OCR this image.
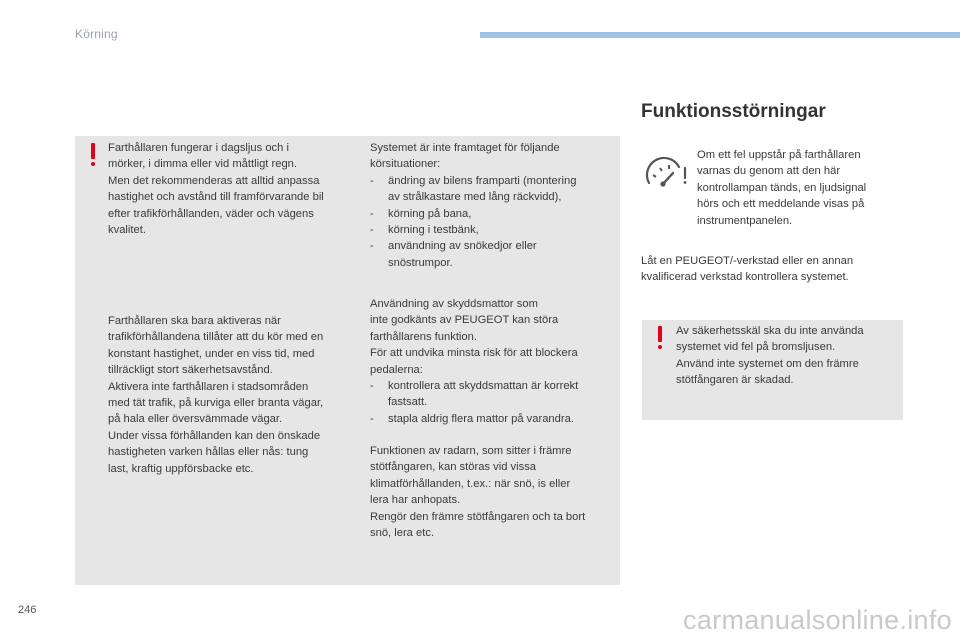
Körning

Farthållaren fungerar i dagsljus och i

mörker, i dimma eller vid måttligt regn.

Men det rekommenderas att alltid anpassa

hastighet och avstånd till framförvarande bil

efter trafikförhållanden, väder och vägens

kvalitet.

Farthållaren ska bara aktiveras när

trafikförhållandena tillåter att du kör med en

konstant hastighet, under en viss tid, med

tillräckligt stort säkerhetsavstånd.

Aktivera inte farthållaren i stadsområden

med tät trafik, på kurviga eller branta vägar,

på hala eller översvämmade vägar.

Under vissa förhållanden kan den önskade

hastigheten varken hållas eller nås: tung

last, kraftig uppförsbacke etc.

Systemet är inte framtaget för följande

körsituationer:

- ändring av bilens framparti (montering
av strålkastare med lång räckvidd),
- körning på bana,
- körning i testbänk,
- användning av snökedjor eller
snöstrumpor.

Användning av skyddsmattor som

inte godkänts av PEUGEOT kan störa

farthållarens funktion.

För att undvika minsta risk för att blockera

pedalerna:

- kontrollera att skyddsmattan är korrekt
fastsatt.
- stapla aldrig flera mattor på varandra.

Funktionen av radarn, som sitter i främre

stötfångaren, kan störas vid vissa

klimatförhållanden, t.ex.: när snö, is eller

lera har anhopats.

Rengör den främre stötfångaren och ta bort

snö, lera etc.

Funktionsstörningar

Om ett fel uppstår på farthållaren

varnas du genom att den här

kontrollampan tänds, en ljudsignal

hörs och ett meddelande visas på

instrumentpanelen.

Låt en PEUGEOT/-verkstad eller en annan

kvalificerad verkstad kontrollera systemet.

Av säkerhetsskäl ska du inte använda

systemet vid fel på bromsljusen.

Använd inte systemet om den främre

stötfångaren är skadad.

246	carmanualsonline.info
